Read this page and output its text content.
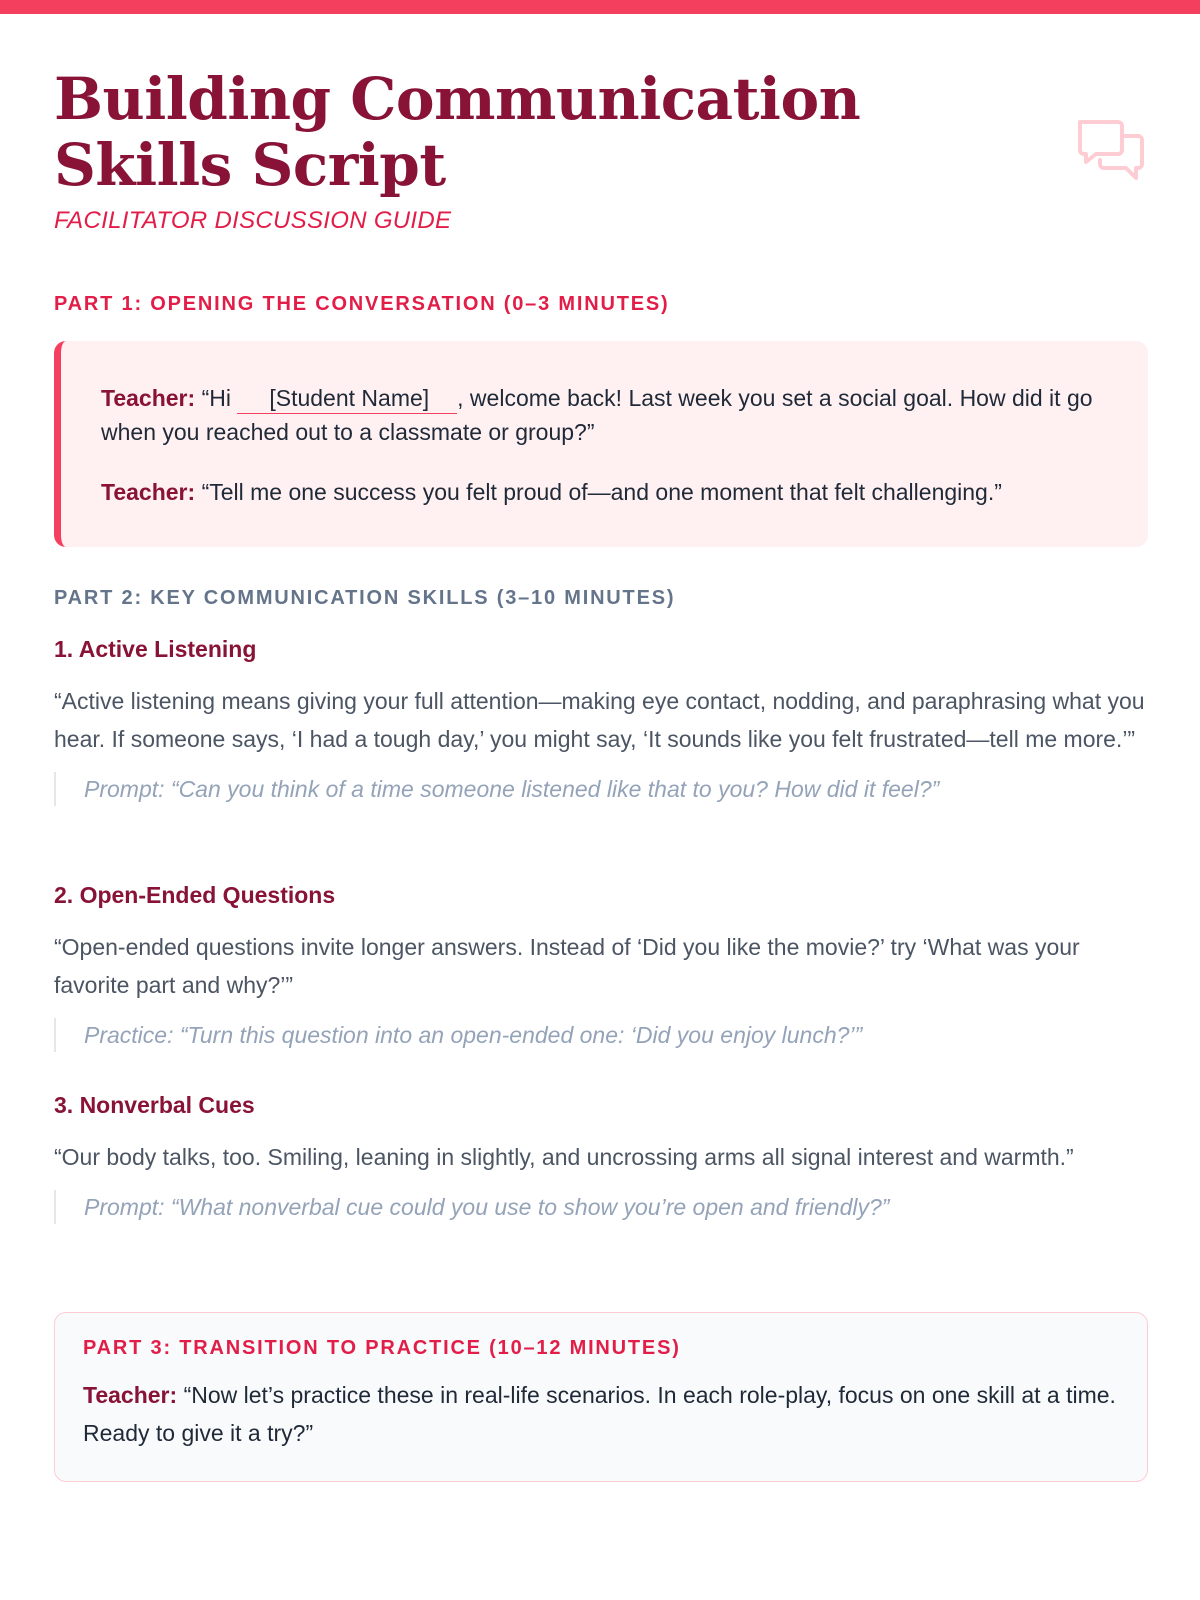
Building Communication Skills Script

FACILITATOR DISCUSSION GUIDE

PART 1: OPENING THE CONVERSATION (0–3 MINUTES)

Teacher: “Hi [Student Name] , welcome back! Last week you set a social goal. How did it go when you reached out to a classmate or group?”

Teacher: “Tell me one success you felt proud of—and one moment that felt challenging.”

PART 2: KEY COMMUNICATION SKILLS (3–10 MINUTES)
1. Active Listening

“Active listening means giving your full attention—making eye contact, nodding, and paraphrasing what you hear. If someone says, ‘I had a tough day,’ you might say, ‘It sounds like you felt frustrated—tell me more.’”

Prompt: “Can you think of a time someone listened like that to you? How did it feel?”

2. Open-Ended Questions

“Open-ended questions invite longer answers. Instead of ‘Did you like the movie?’ try ‘What was your favorite part and why?’”

Practice: “Turn this question into an open-ended one: ‘Did you enjoy lunch?’”

3. Nonverbal Cues

“Our body talks, too. Smiling, leaning in slightly, and uncrossing arms all signal interest and warmth.”

Prompt: “What nonverbal cue could you use to show you’re open and friendly?”

PART 3: TRANSITION TO PRACTICE (10–12 MINUTES)

Teacher: “Now let’s practice these in real-life scenarios. In each role-play, focus on one skill at a time. Ready to give it a try?”
